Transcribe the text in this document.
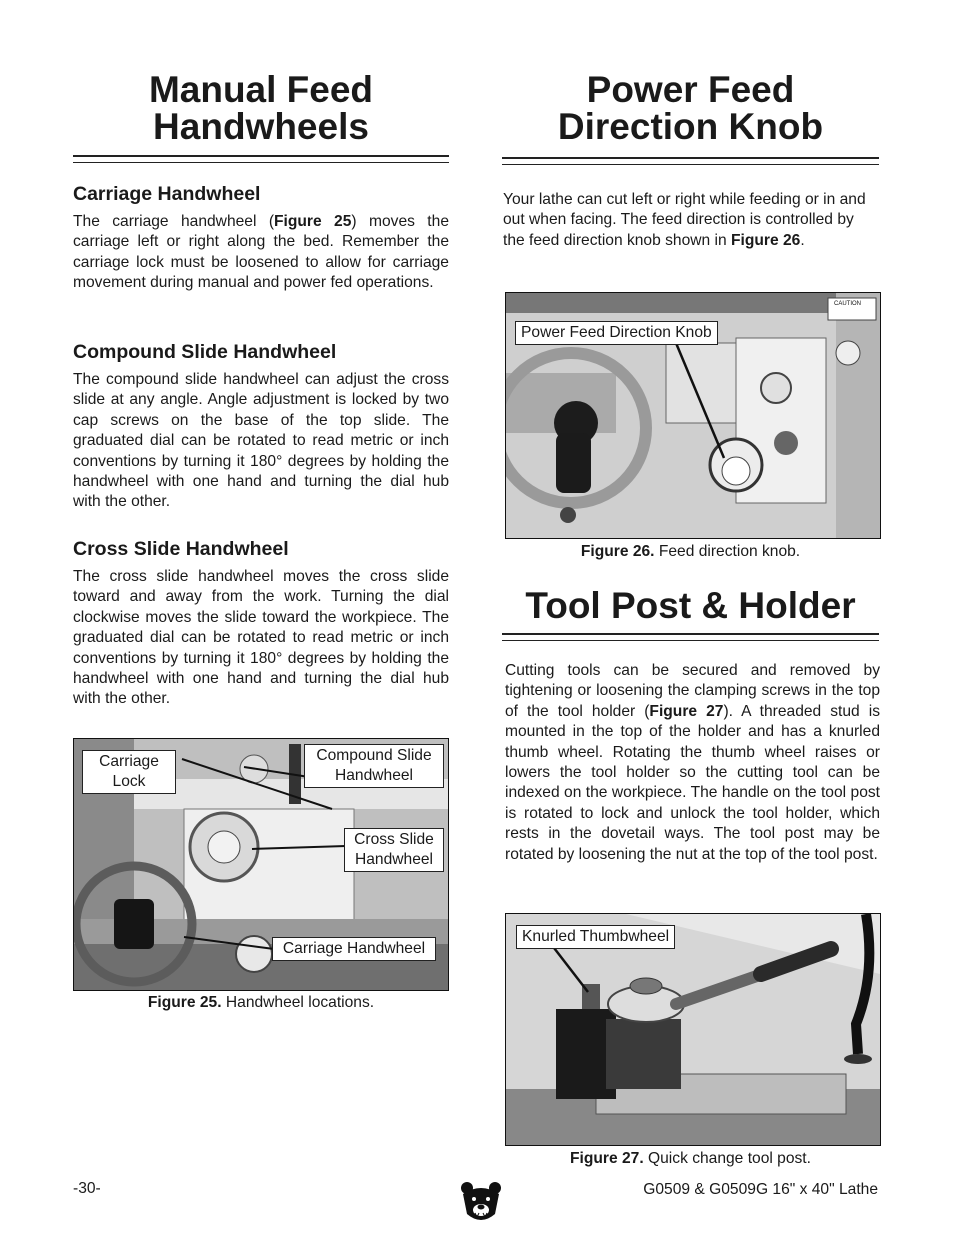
Manual Feed
Handwheels
Carriage Handwheel

The carriage handwheel (Figure 25) moves the carriage left or right along the bed. Remember the carriage lock must be loosened to allow for carriage movement during manual and power fed operations.

Compound Slide Handwheel

The compound slide handwheel can adjust the cross slide at any angle. Angle adjustment is locked by two cap screws on the base of the top slide. The graduated dial can be rotated to read metric or inch conventions by turning it 180° degrees by holding the handwheel with one hand and turning the dial hub with the other.

Cross Slide Handwheel

The cross slide handwheel moves the cross slide toward and away from the work. Turning the dial clockwise moves the slide toward the workpiece. The graduated dial can be rotated to read metric or inch conventions by turning it 180° degrees by holding the handwheel with one hand and turning the dial hub with the other.

Carriage
Lock
Compound Slide
Handwheel
Cross Slide
Handwheel
Carriage Handwheel
Figure 25. Handwheel locations.
Power Feed
Direction Knob

Your lathe can cut left or right while feeding or in and out when facing. The feed direction is controlled by the feed direction knob shown in Figure 26.

CAUTION
Power Feed Direction Knob
Figure 26. Feed direction knob.
Tool Post & Holder

Cutting tools can be secured and removed by tightening or loosening the clamping screws in the top of the tool holder (Figure 27). A threaded stud is mounted in the top of the holder and has a knurled thumb wheel. Rotating the thumb wheel raises or lowers the tool holder so the cutting tool can be indexed on the workpiece. The handle on the tool post is rotated to lock and unlock the tool holder, which rests in the dovetail ways. The tool post may be rotated by loosening the nut at the top of the tool post.

Knurled Thumbwheel
Figure 27. Quick change tool post.
-30-	G0509 & G0509G 16" x 40" Lathe
